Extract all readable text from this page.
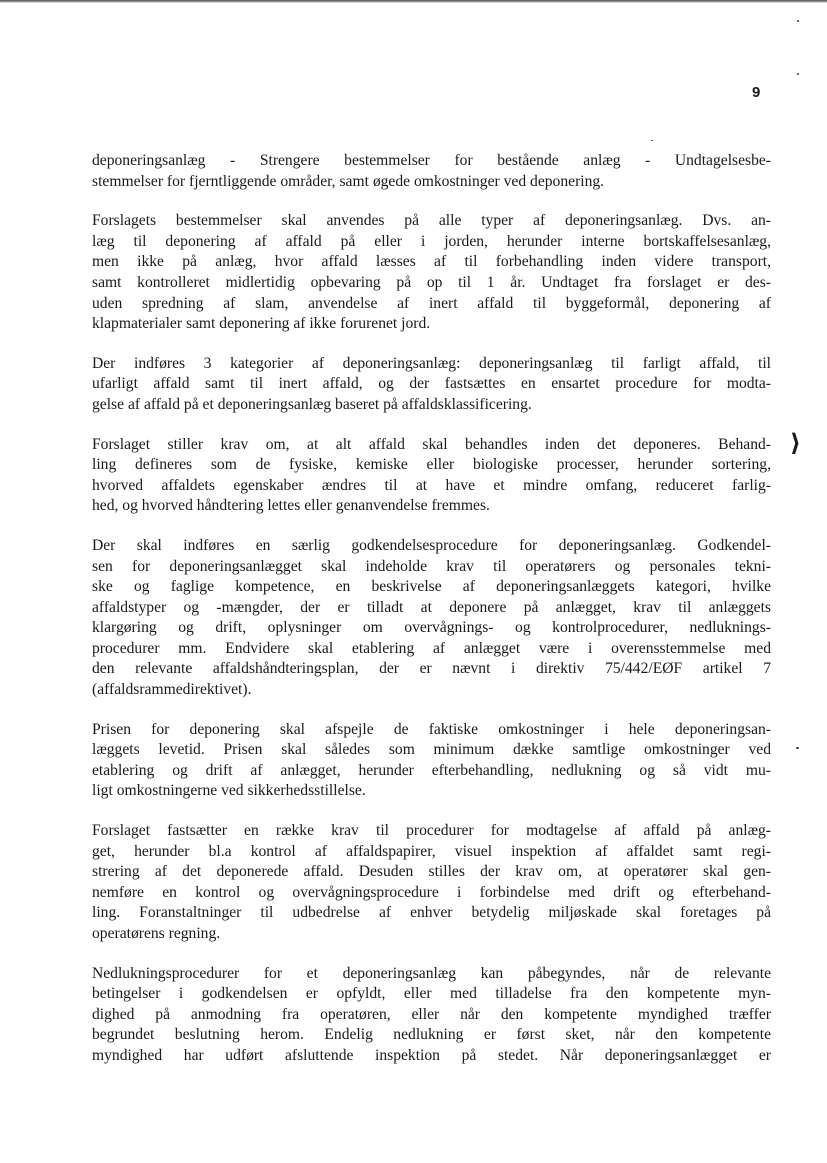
9
⟩

deponeringsanlæg - Strengere bestemmelser for bestående anlæg - Undtagelsesbe-
stemmelser for fjerntliggende områder, samt øgede omkostninger ved deponering.

Forslagets bestemmelser skal anvendes på alle typer af deponeringsanlæg. Dvs. an-
læg til deponering af affald på eller i jorden, herunder interne bortskaffelsesanlæg,
men ikke på anlæg, hvor affald læsses af til forbehandling inden videre transport,
samt kontrolleret midlertidig opbevaring på op til 1 år. Undtaget fra forslaget er des-
uden spredning af slam, anvendelse af inert affald til byggeformål, deponering af
klapmaterialer samt deponering af ikke forurenet jord.

Der indføres 3 kategorier af deponeringsanlæg: deponeringsanlæg til farligt affald, til
ufarligt affald samt til inert affald, og der fastsættes en ensartet procedure for modta-
gelse af affald på et deponeringsanlæg baseret på affaldsklassificering.

Forslaget stiller krav om, at alt affald skal behandles inden det deponeres. Behand-
ling defineres som de fysiske, kemiske eller biologiske processer, herunder sortering,
hvorved affaldets egenskaber ændres til at have et mindre omfang, reduceret farlig-
hed, og hvorved håndtering lettes eller genanvendelse fremmes.

Der skal indføres en særlig godkendelsesprocedure for deponeringsanlæg. Godkendel-
sen for deponeringsanlægget skal indeholde krav til operatørers og personales tekni-
ske og faglige kompetence, en beskrivelse af deponeringsanlæggets kategori, hvilke
affaldstyper og -mængder, der er tilladt at deponere på anlægget, krav til anlæggets
klargøring og drift, oplysninger om overvågnings- og kontrolprocedurer, nedluknings-
procedurer mm. Endvidere skal etablering af anlægget være i overensstemmelse med
den relevante affaldshåndteringsplan, der er nævnt i direktiv 75/442/EØF artikel 7
(affaldsrammedirektivet).

Prisen for deponering skal afspejle de faktiske omkostninger i hele deponeringsan-
læggets levetid. Prisen skal således som minimum dække samtlige omkostninger ved
etablering og drift af anlægget, herunder efterbehandling, nedlukning og så vidt mu-
ligt omkostningerne ved sikkerhedsstillelse.

Forslaget fastsætter en række krav til procedurer for modtagelse af affald på anlæg-
get, herunder bl.a kontrol af affaldspapirer, visuel inspektion af affaldet samt regi-
strering af det deponerede affald. Desuden stilles der krav om, at operatører skal gen-
nemføre en kontrol og overvågningsprocedure i forbindelse med drift og efterbehand-
ling. Foranstaltninger til udbedrelse af enhver betydelig miljøskade skal foretages på
operatørens regning.

Nedlukningsprocedurer for et deponeringsanlæg kan påbegyndes, når de relevante
betingelser i godkendelsen er opfyldt, eller med tilladelse fra den kompetente myn-
dighed på anmodning fra operatøren, eller når den kompetente myndighed træffer
begrundet beslutning herom. Endelig nedlukning er først sket, når den kompetente
myndighed har udført afsluttende inspektion på stedet. Når deponeringsanlægget er
